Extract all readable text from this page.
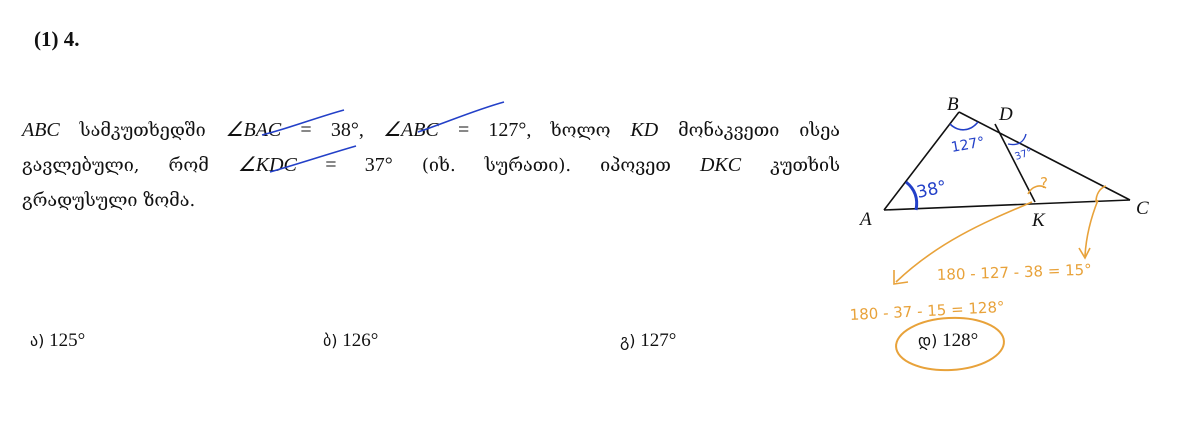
(1) 4.
ABC სამკუთხედში ∠BAC = 38°, ∠ABC = 127°, ხოლო KD მონაკვეთი ისეა
გავლებული, რომ ∠KDC = 37° (იხ. სურათი). იპოვეთ DKC კუთხის
გრადუსული ზომა.
ა) 125°	ბ) 126°	გ) 127°	დ) 128°
A
B
C
D
K
38°
127°	37°
?
180 - 127 - 38 = 15°
180 - 37 - 15 = 128°
